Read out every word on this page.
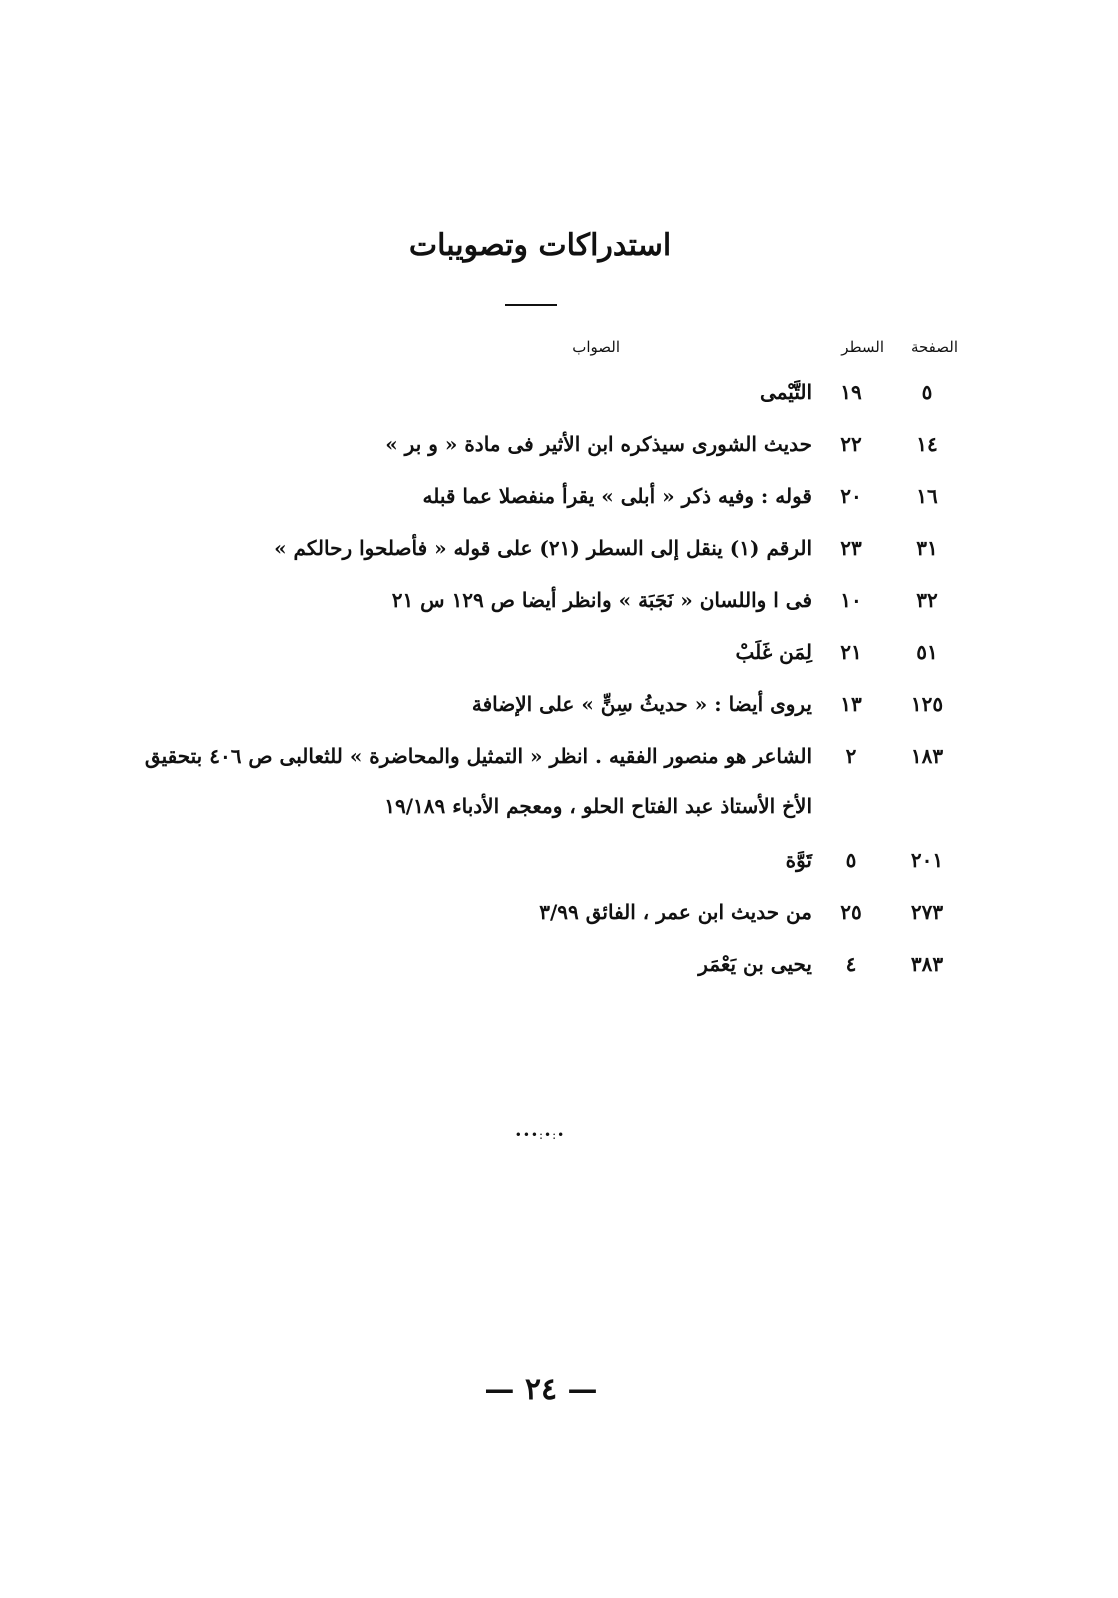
استدراكات وتصويبات
الصفحة
السطر
الصواب
٥
١٩
التَّيْمى
١٤
٢٢
حديث الشورى سيذكره ابن الأثير فى مادة « و بر »
١٦
٢٠
قوله : وفيه ذكر « أبلى » يقرأ منفصلا عما قبله
٣١
٢٣
الرقم (١) ينقل إلى السطر (٢١) على قوله « فأصلحوا رحالكم »
٣٢
١٠
فى ا واللسان « نَجَبَة » وانظر أيضا ص ١٢٩ س ٢١
٥١
٢١
لِمَن غَلَبْ
١٢٥
١٣
يروى أيضا : « حديثُ سِنٍّ » على الإضافة
١٨٣
٢
الشاعر هو منصور الفقيه . انظر « التمثيل والمحاضرة » للثعالبى ص ٤٠٦ بتحقيق الأخ الأستاذ عبد الفتاح الحلو ، ومعجم الأدباء ١٩/١٨٩
٢٠١
٥
تَوَّة
٢٧٣
٢٥
من حديث ابن عمر ، الفائق ٣/٩٩
٣٨٣
٤
يحيى بن يَعْمَر
•••:•:•
— ٢٤ —
